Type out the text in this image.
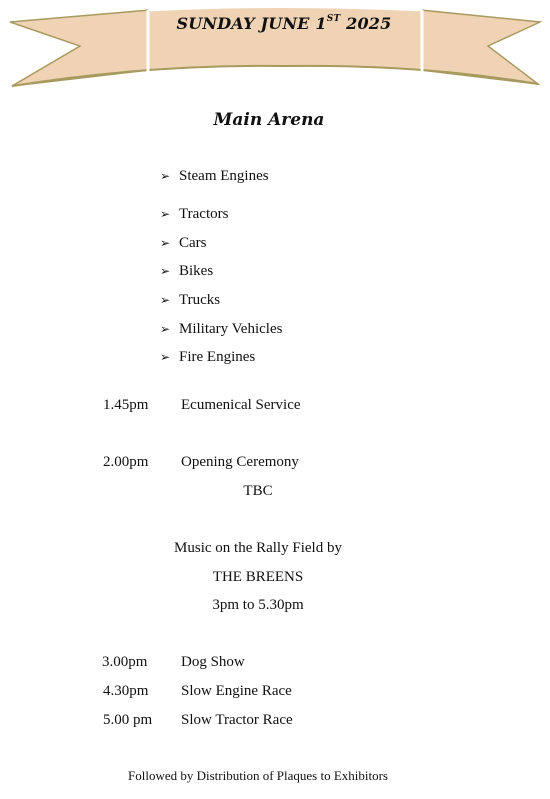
SUNDAY JUNE 1ST 2025
Main Arena
➢ Steam Engines
➢ Tractors
➢ Cars
➢ Bikes
➢ Trucks
➢ Military Vehicles
➢ Fire Engines
1.45pm Ecumenical Service
2.00pm Opening Ceremony
TBC
Music on the Rally Field by
THE BREENS
3pm to 5.30pm
3.00pm Dog Show
4.30pm Slow Engine Race
5.00 pm Slow Tractor Race
Followed by Distribution of Plaques to Exhibitors
